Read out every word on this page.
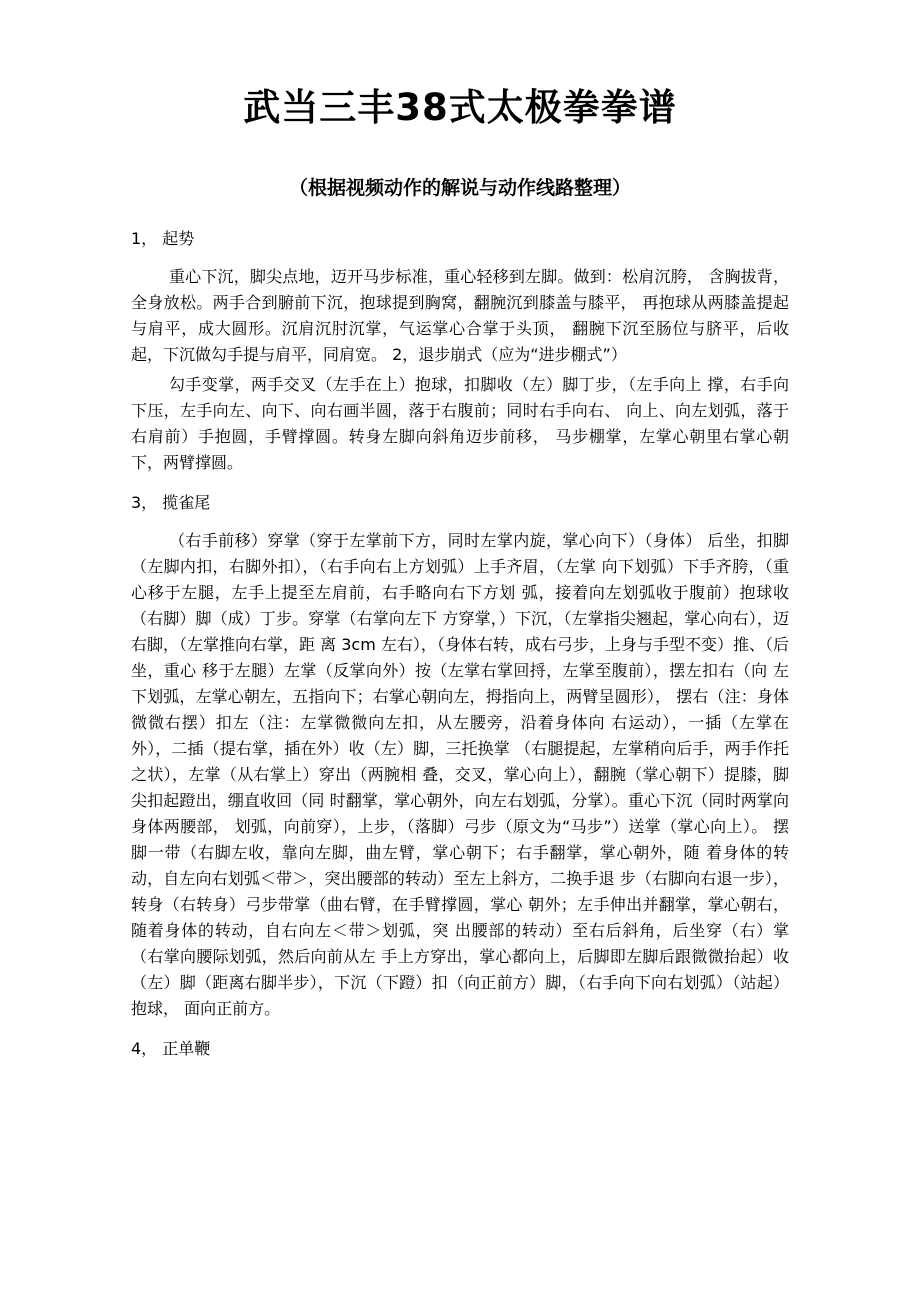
武当三丰38式太极拳拳谱
（根据视频动作的解说与动作线路整理）
1， 起势

重心下沉，脚尖点地，迈开马步标准，重心轻移到左脚。做到：松肩沉胯， 含胸拔背，全身放松。两手合到腑前下沉，抱球提到胸窝，翻腕沉到膝盖与膝平， 再抱球从两膝盖提起与肩平，成大圆形。沉肩沉肘沉掌，气运掌心合掌于头顶， 翻腕下沉至肠位与脐平，后收起，下沉做勾手提与肩平，同肩宽。 2，退步崩式（应为“进步棚式”）

勾手变掌，两手交叉（左手在上）抱球，扣脚收（左）脚丁步，（左手向上 撑，右手向下压，左手向左、向下、向右画半圆，落于右腹前；同时右手向右、 向上、向左划弧，落于右肩前）手抱圆，手臂撑圆。转身左脚向斜角迈步前移， 马步棚掌，左掌心朝里右掌心朝下，两臂撑圆。

3， 揽雀尾

（右手前移）穿掌（穿于左掌前下方，同时左掌内旋，掌心向下）（身体） 后坐，扣脚（左脚内扣，右脚外扣），（右手向右上方划弧）上手齐眉，（左掌 向下划弧）下手齐胯，（重心移于左腿，左手上提至左肩前，右手略向右下方划 弧，接着向左划弧收于腹前）抱球收（右脚）脚（成）丁步。穿掌（右掌向左下 方穿掌，）下沉，（左掌指尖翘起，掌心向右），迈右脚，（左掌推向右掌，距 离 3cm 左右），（身体右转，成右弓步，上身与手型不变）推、（后坐，重心 移于左腿）左掌（反掌向外）按（左掌右掌回捋，左掌至腹前），摆左扣右（向 左下划弧，左掌心朝左，五指向下；右掌心朝向左，拇指向上，两臂呈圆形）， 摆右（注：身体微微右摆）扣左（注：左掌微微向左扣，从左腰旁，沿着身体向 右运动），一插（左掌在外），二插（提右掌，插在外）收（左）脚，三托换掌 （右腿提起，左掌稍向后手，两手作托之状），左掌（从右掌上）穿出（两腕相 叠，交叉，掌心向上），翻腕（掌心朝下）提膝，脚尖扣起蹬出，绷直收回（同 时翻掌，掌心朝外，向左右划弧，分掌）。重心下沉（同时两掌向身体两腰部， 划弧，向前穿），上步，（落脚）弓步（原文为“马步”）送掌（掌心向上）。 摆脚一带（右脚左收，靠向左脚，曲左臂，掌心朝下；右手翻掌，掌心朝外，随 着身体的转动，自左向右划弧＜带＞，突出腰部的转动）至左上斜方，二换手退 步（右脚向右退一步），转身（右转身）弓步带掌（曲右臂，在手臂撑圆，掌心 朝外；左手伸出并翻掌，掌心朝右，随着身体的转动，自右向左＜带＞划弧，突 出腰部的转动）至右后斜角，后坐穿（右）掌（右掌向腰际划弧，然后向前从左 手上方穿出，掌心都向上，后脚即左脚后跟微微抬起）收（左）脚（距离右脚半步），下沉（下蹬）扣（向正前方）脚，（右手向下向右划弧）（站起）抱球， 面向正前方。

4， 正单鞭
